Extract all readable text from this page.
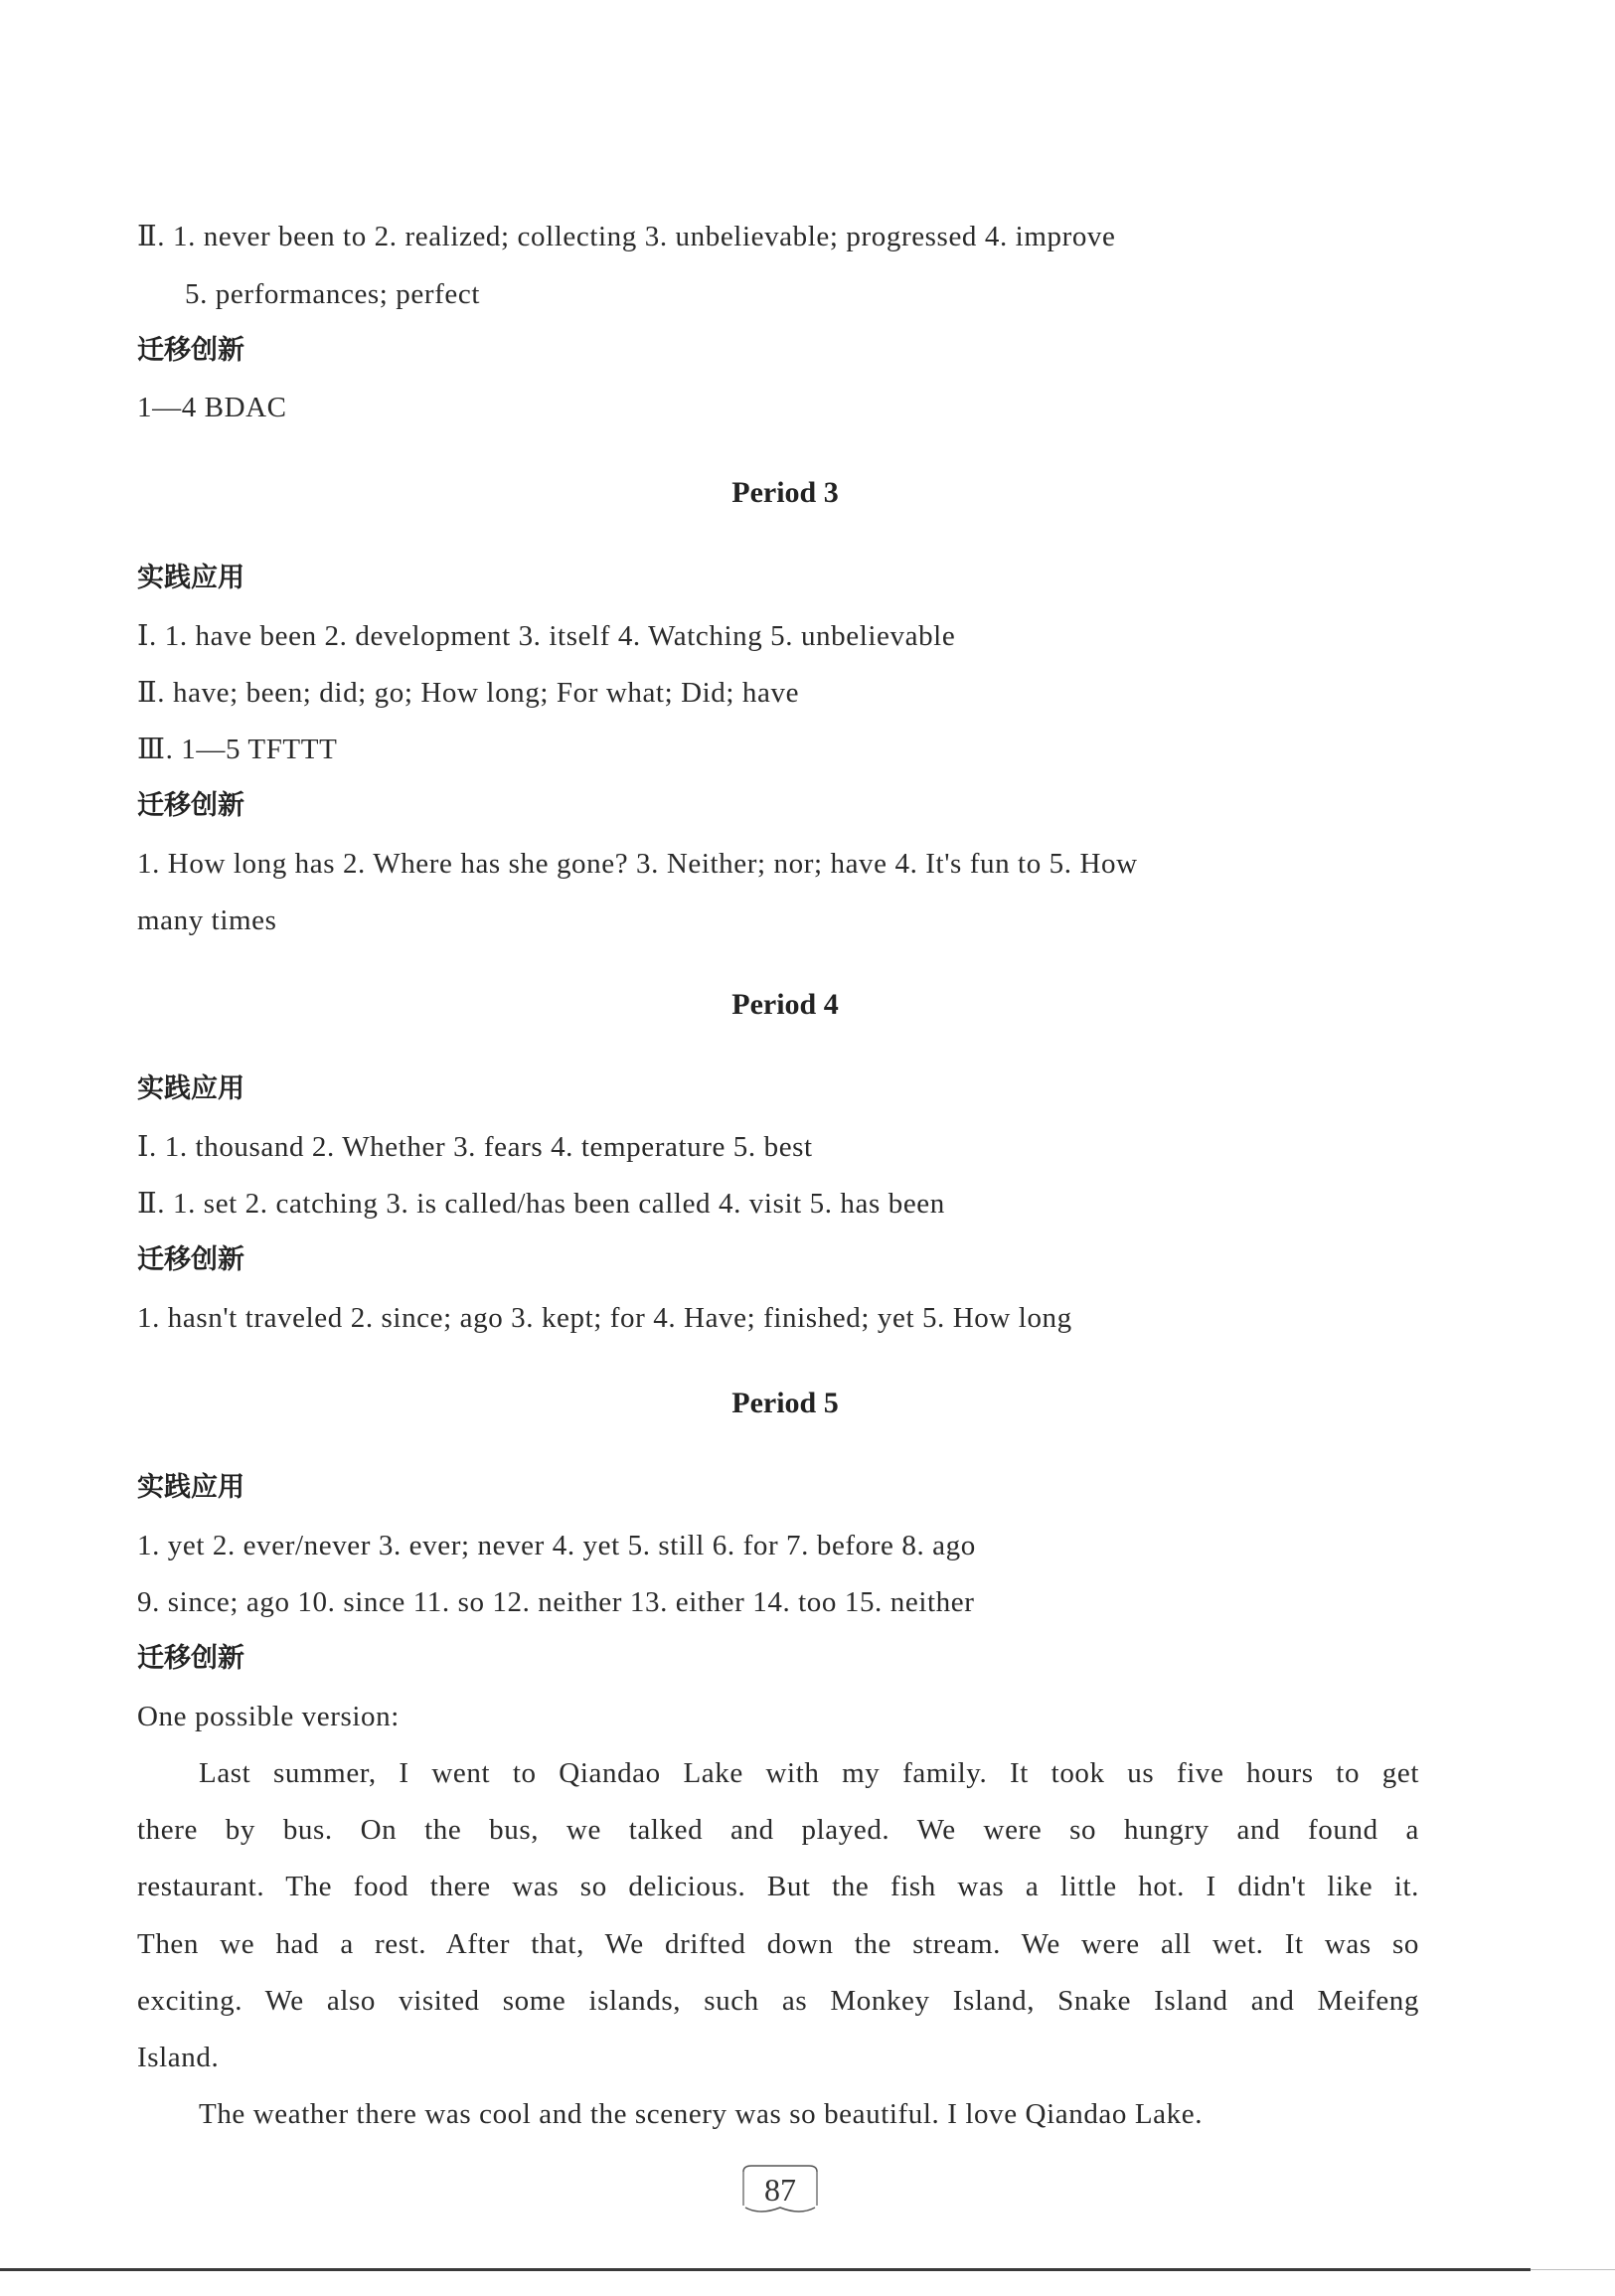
Ⅱ. 1. never been to 2. realized; collecting 3. unbelievable; progressed 4. improve
5. performances; perfect
迁移创新
1—4 BDAC
Period 3
实践应用
Ⅰ. 1. have been 2. development 3. itself 4. Watching 5. unbelievable
Ⅱ. have; been; did; go; How long; For what; Did; have
Ⅲ. 1—5 TFTTT
迁移创新
1. How long has 2. Where has she gone? 3. Neither; nor; have 4. It's fun to 5. How
many times
Period 4
实践应用
Ⅰ. 1. thousand 2. Whether 3. fears 4. temperature 5. best
Ⅱ. 1. set 2. catching 3. is called/has been called 4. visit 5. has been
迁移创新
1. hasn't traveled 2. since; ago 3. kept; for 4. Have; finished; yet 5. How long
Period 5
实践应用
1. yet 2. ever/never 3. ever; never 4. yet 5. still 6. for 7. before 8. ago
9. since; ago 10. since 11. so 12. neither 13. either 14. too 15. neither
迁移创新
One possible version:
Last summer, I went to Qiandao Lake with my family. It took us five hours to get
there by bus. On the bus, we talked and played. We were so hungry and found a
restaurant. The food there was so delicious. But the fish was a little hot. I didn't like it.
Then we had a rest. After that, We drifted down the stream. We were all wet. It was so
exciting. We also visited some islands, such as Monkey Island, Snake Island and Meifeng
Island.
The weather there was cool and the scenery was so beautiful. I love Qiandao Lake.
87
